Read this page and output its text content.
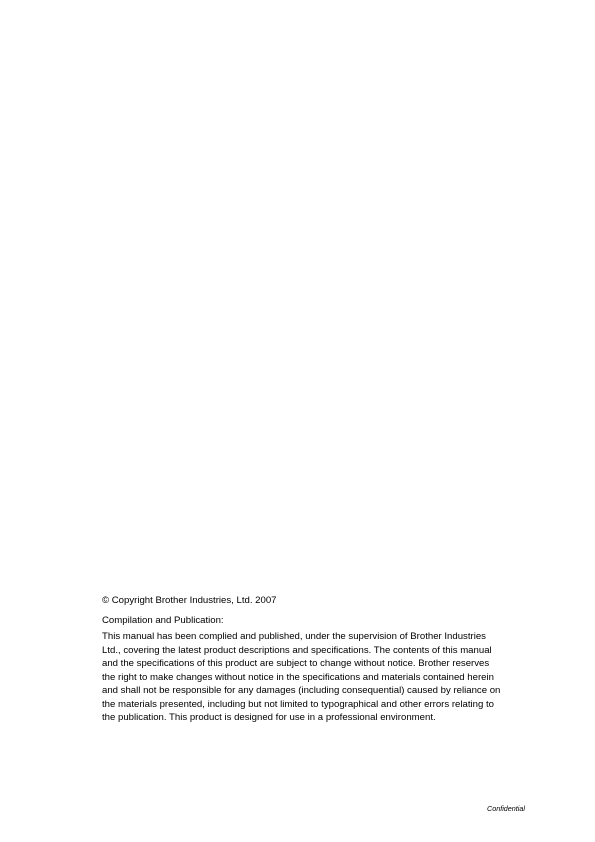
© Copyright Brother Industries, Ltd. 2007
Compilation and Publication:
This manual has been complied and published, under the supervision of Brother Industries
Ltd., covering the latest product descriptions and specifications. The contents of this manual
and the specifications of this product are subject to change without notice. Brother reserves
the right to make changes without notice in the specifications and materials contained herein
and shall not be responsible for any damages (including consequential) caused by reliance on
the materials presented, including but not limited to typographical and other errors relating to
the publication. This product is designed for use in a professional environment.
Confidential
